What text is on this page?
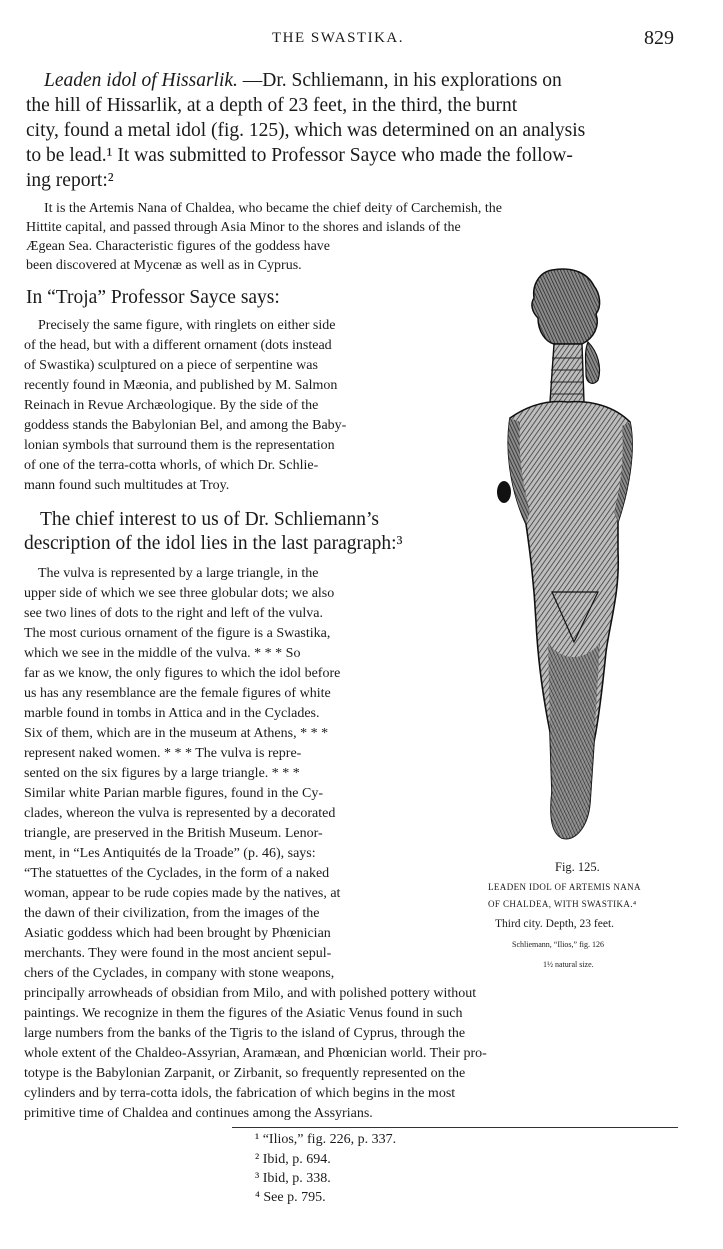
THE SWASTIKA.	829
Leaden idol of Hissarlik. —Dr. Schliemann, in his explorations on
the hill of Hissarlik, at a depth of 23 feet, in the third, the burnt
city, found a metal idol (fig. 125), which was determined on an analysis
to be lead.¹ It was submitted to Professor Sayce who made the follow-
ing report:²
It is the Artemis Nana of Chaldea, who became the chief deity of Carchemish, the
Hittite capital, and passed through Asia Minor to the shores and islands of the
Ægean Sea. Characteristic figures of the goddess have
been discovered at Mycenæ as well as in Cyprus.
In “Troja” Professor Sayce says:
Precisely the same figure, with ringlets on either side
of the head, but with a different ornament (dots instead
of Swastika) sculptured on a piece of serpentine was
recently found in Mæonia, and published by M. Salmon
Reinach in Revue Archæologique. By the side of the
goddess stands the Babylonian Bel, and among the Baby-
lonian symbols that surround them is the representation
of one of the terra-cotta whorls, of which Dr. Schlie-
mann found such multitudes at Troy.
The chief interest to us of Dr. Schliemann’s
description of the idol lies in the last paragraph:³
The vulva is represented by a large triangle, in the
upper side of which we see three globular dots; we also
see two lines of dots to the right and left of the vulva.
The most curious ornament of the figure is a Swastika,
which we see in the middle of the vulva. * * * So
far as we know, the only figures to which the idol before
us has any resemblance are the female figures of white
marble found in tombs in Attica and in the Cyclades.
Six of them, which are in the museum at Athens, * * *
represent naked women. * * * The vulva is repre-
sented on the six figures by a large triangle. * * *
Similar white Parian marble figures, found in the Cy-
clades, whereon the vulva is represented by a decorated
triangle, are preserved in the British Museum. Lenor-
ment, in “Les Antiquités de la Troade” (p. 46), says:
“The statuettes of the Cyclades, in the form of a naked
woman, appear to be rude copies made by the natives, at
the dawn of their civilization, from the images of the
Asiatic goddess which had been brought by Phœnician
merchants. They were found in the most ancient sepul-
chers of the Cyclades, in company with stone weapons,
principally arrowheads of obsidian from Milo, and with polished pottery without
paintings. We recognize in them the figures of the Asiatic Venus found in such
large numbers from the banks of the Tigris to the island of Cyprus, through the
whole extent of the Chaldeo-Assyrian, Aramæan, and Phœnician world. Their pro-
totype is the Babylonian Zarpanit, or Zirbanit, so frequently represented on the
cylinders and by terra-cotta idols, the fabrication of which begins in the most
primitive time of Chaldea and continues among the Assyrians.
Fig. 125.
LEADEN IDOL OF ARTEMIS NANA
OF CHALDEA, WITH SWASTIKA.⁴
Third city. Depth, 23 feet.
Schliemann, “Ilios,” fig. 126
1½ natural size.
¹ “Ilios,” fig. 226, p. 337.
² Ibid, p. 694.
³ Ibid, p. 338.
⁴ See p. 795.
